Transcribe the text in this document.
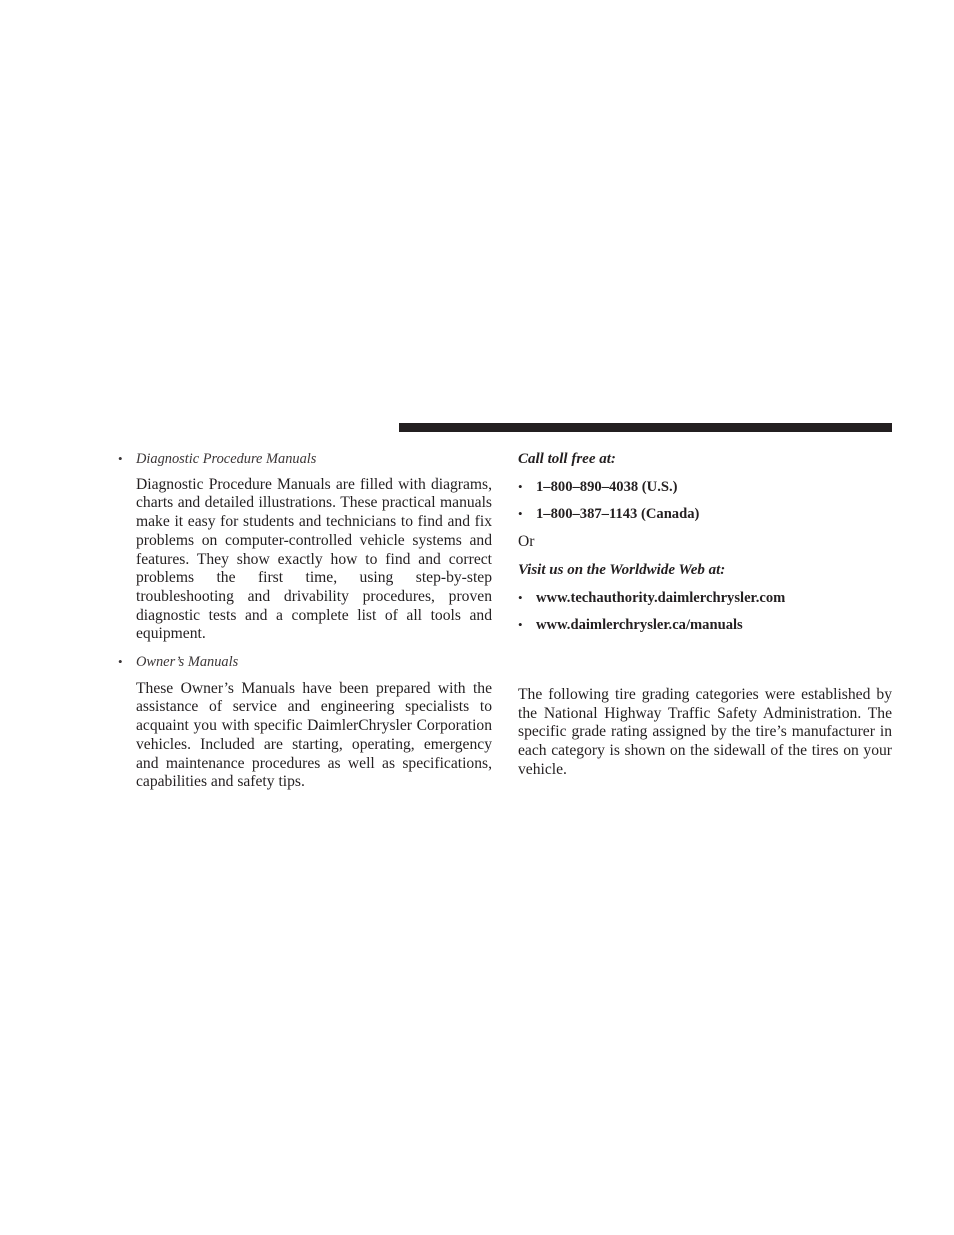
• Diagnostic Procedure Manuals

Diagnostic Procedure Manuals are filled with diagrams, charts and detailed illustrations. These practical manuals make it easy for students and technicians to find and fix problems on computer-controlled vehicle systems and features. They show exactly how to find and correct problems the first time, using step-by-step troubleshooting and drivability procedures, proven diagnostic tests and a complete list of all tools and equipment.

• Owner’s Manuals

These Owner’s Manuals have been prepared with the assistance of service and engineering specialists to acquaint you with specific DaimlerChrysler Corporation vehicles. Included are starting, operating, emergency and maintenance procedures as well as specifications, capabilities and safety tips.

Call toll free at:

• 1–800–890–4038 (U.S.)
• 1–800–387–1143 (Canada)

Or

Visit us on the Worldwide Web at:

• www.techauthority.daimlerchrysler.com
• www.daimlerchrysler.ca/manuals

The following tire grading categories were established by the National Highway Traffic Safety Administration. The specific grade rating assigned by the tire’s manufacturer in each category is shown on the sidewall of the tires on your vehicle.
